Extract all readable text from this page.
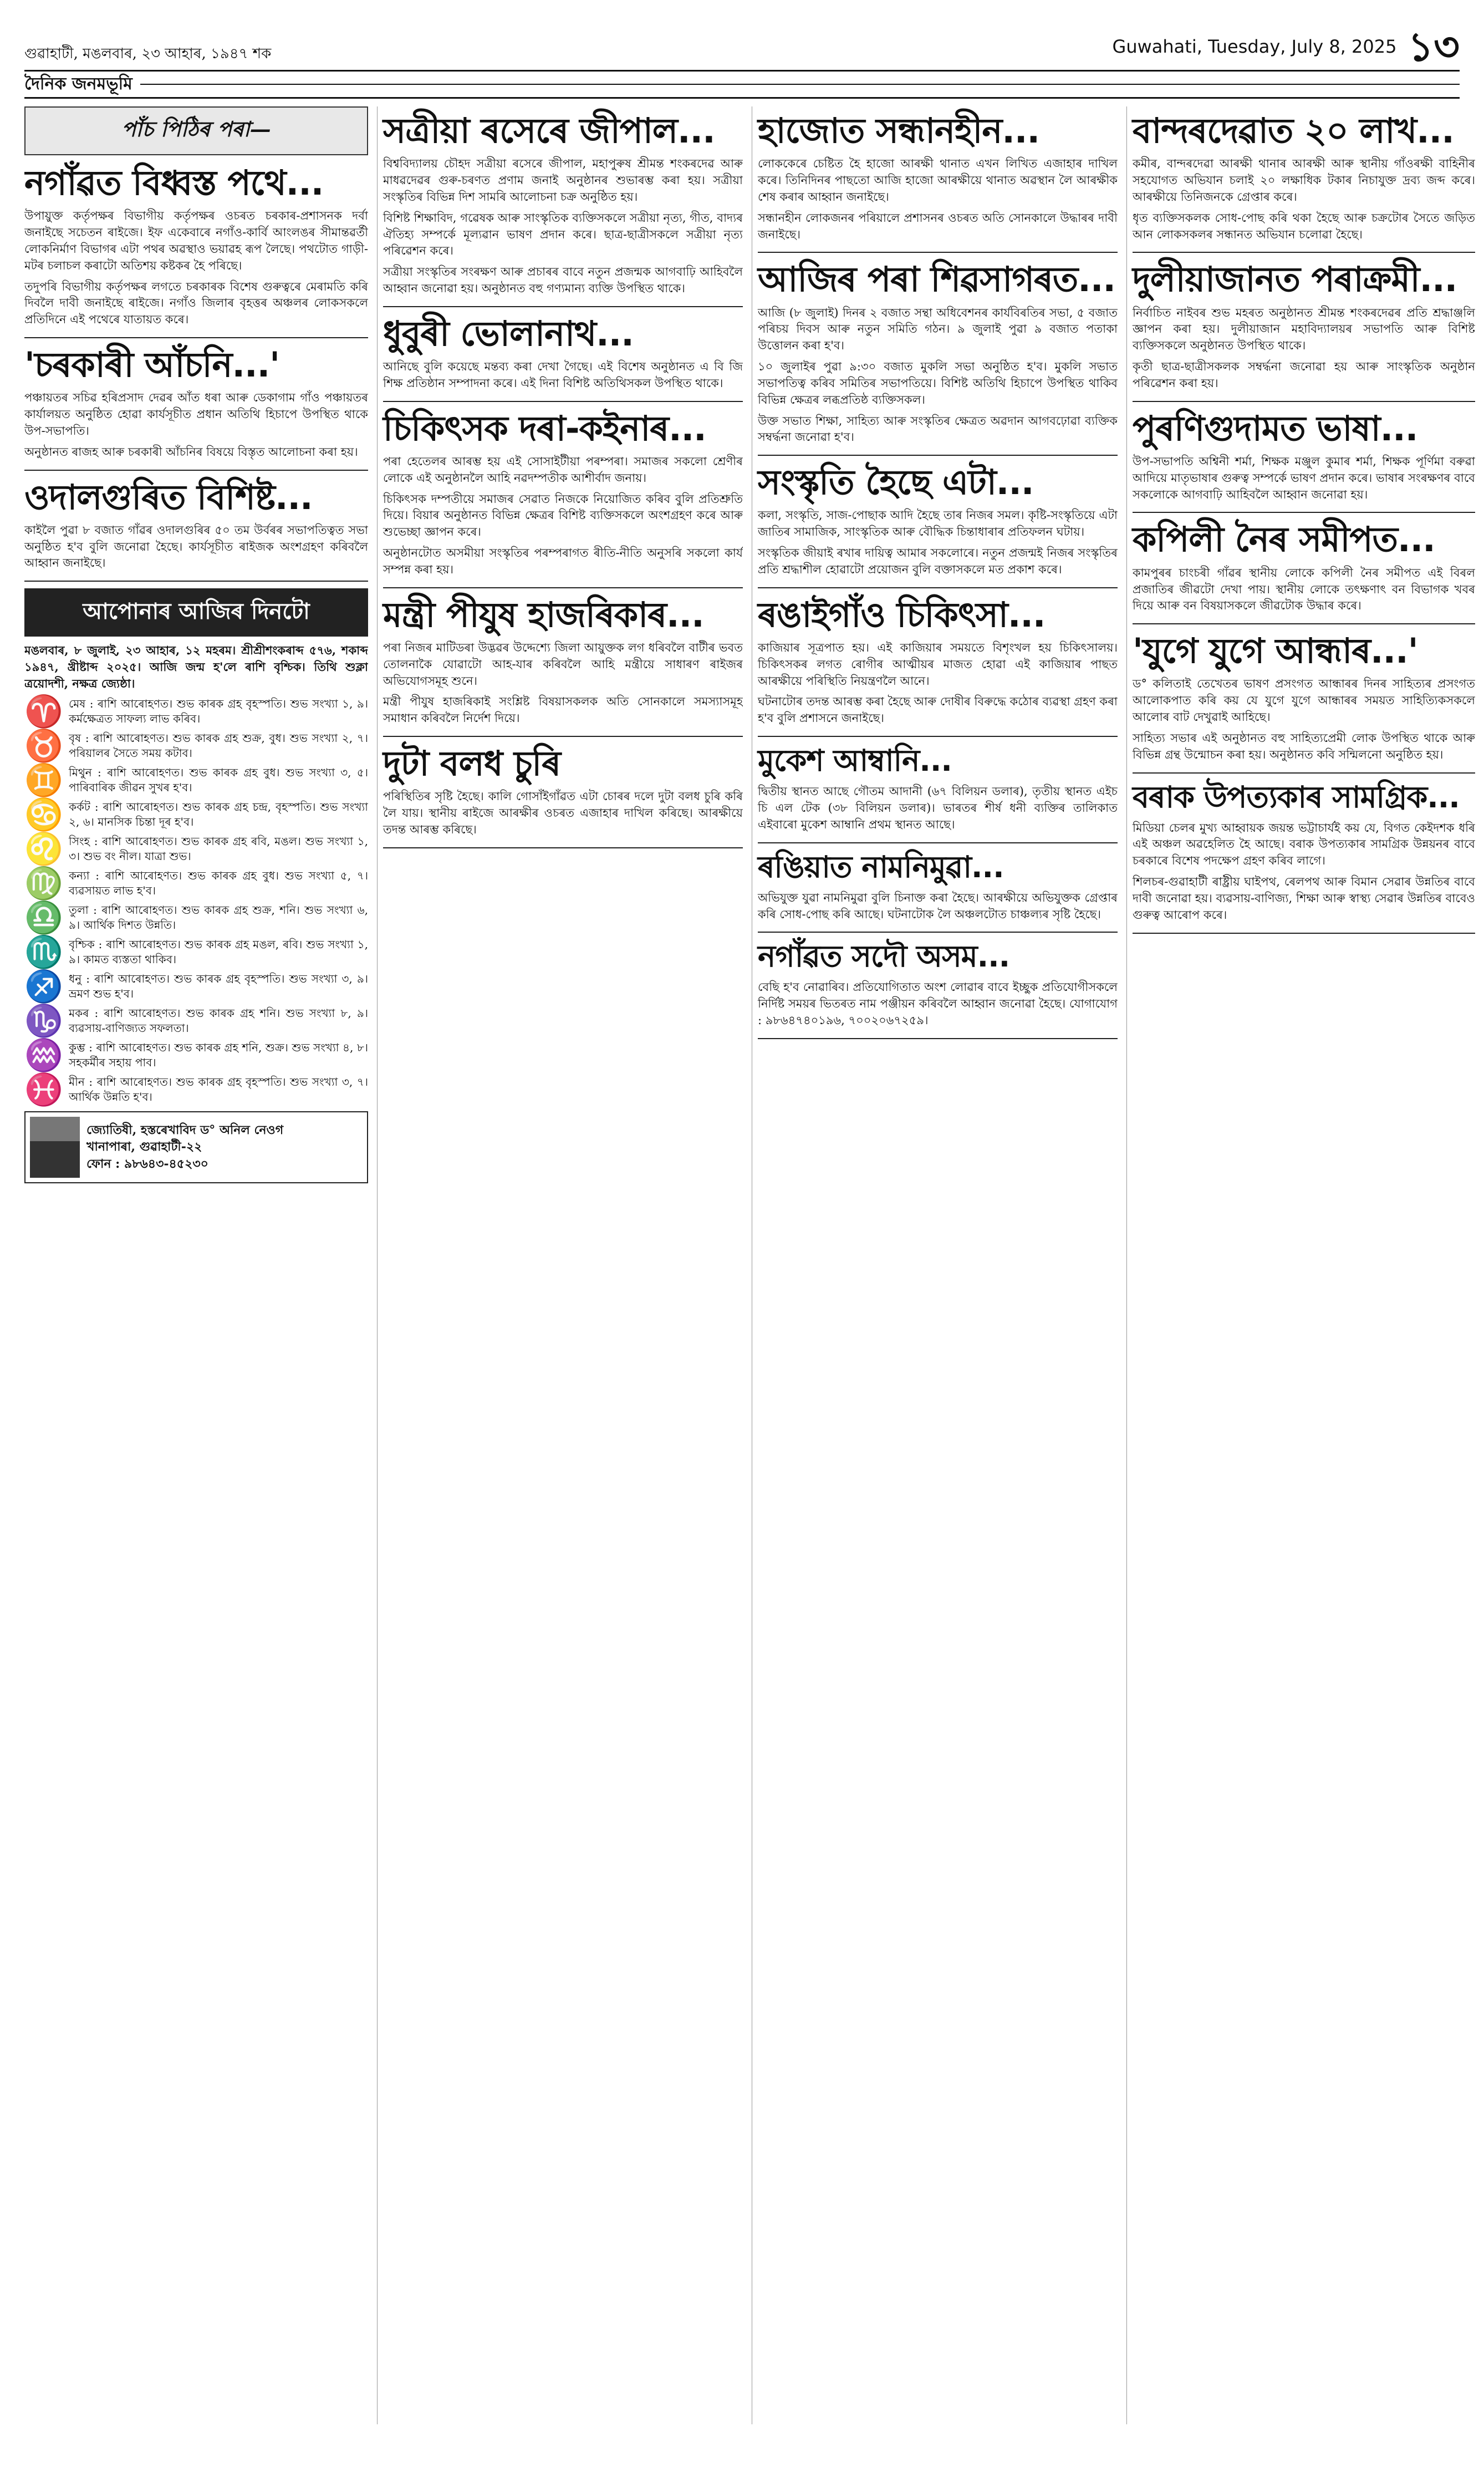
গুৱাহাটী, মঙলবাৰ, ২৩ আহাৰ, ১৯৪৭ শক	Guwahati, Tuesday, July 8, 2025 ১৩
দৈনিক জনমভূমি
পাঁচ পিঠিৰ পৰা—
নগাঁৱত বিধ্বস্ত পথে...

উপায়ুক্ত কৰ্তৃপক্ষৰ বিভাগীয় কৰ্তৃপক্ষৰ ওচৰত চৰকাৰ-প্ৰশাসনক দৰ্বা জনাইছে সচেতন ৰাইজে। ইফ একেবাৰে নগাঁও-কাৰ্বি আংলঙৰ সীমান্তৱৰ্তী লোকনিৰ্মাণ বিভাগৰ এটা পথৰ অৱস্থাও ভয়াৱহ ৰূপ লৈছে। পথটোত গাড়ী-মটৰ চলাচল কৰাটো অতিশয় কষ্টকৰ হৈ পৰিছে।

তদুপৰি বিভাগীয় কৰ্তৃপক্ষৰ লগতে চৰকাৰক বিশেষ গুৰুত্বৰে মেৰামতি কৰি দিবলৈ দাবী জনাইছে ৰাইজে। নগাঁও জিলাৰ বৃহত্তৰ অঞ্চলৰ লোকসকলে প্ৰতিদিনে এই পথেৰে যাতায়ত কৰে।

'চৰকাৰী আঁচনি...'

পঞ্চায়তৰ সচিৱ হৰিপ্ৰসাদ দেৱৰ আঁত ধৰা আৰু ডেকাগাম গাঁও পঞ্চায়তৰ কাৰ্যালয়ত অনুষ্ঠিত হোৱা কাৰ্যসূচীত প্ৰধান অতিথি হিচাপে উপস্থিত থাকে উপ-সভাপতি।

অনুষ্ঠানত ৰাজহ আৰু চৰকাৰী আঁচনিৰ বিষয়ে বিস্তৃত আলোচনা কৰা হয়।

ওদালগুৰিত বিশিষ্ট...

কাইলৈ পুৱা ৮ বজাত গাঁৱৰ ওদালগুৰিৰ ৫০ তম উৰ্বৰৰ সভাপতিত্বত সভা অনুষ্ঠিত হ'ব বুলি জনোৱা হৈছে। কাৰ্যসূচীত ৰাইজক অংশগ্ৰহণ কৰিবলৈ আহ্বান জনাইছে।

আপোনাৰ আজিৰ দিনটো

মঙলবাৰ, ৮ জুলাই, ২৩ আহাৰ, ১২ মহৰম। শ্ৰীশ্ৰীশংকৰাব্দ ৫৭৬, শকাব্দ ১৯৪৭, খ্ৰীষ্টাব্দ ২০২৫। আজি জন্ম হ'লে ৰাশি বৃশ্চিক। তিথি শুক্লা ত্ৰয়োদশী, নক্ষত্ৰ জ্যেষ্ঠা।

♈ মেষ : ৰাশি আৰোহণত। শুভ কাৰক গ্ৰহ বৃহস্পতি। শুভ সংখ্যা ১, ৯। কৰ্মক্ষেত্ৰত সাফল্য লাভ কৰিব।

♉ বৃষ : ৰাশি আৰোহণত। শুভ কাৰক গ্ৰহ শুক্ৰ, বুধ। শুভ সংখ্যা ২, ৭। পৰিয়ালৰ সৈতে সময় কটাব।

♊ মিথুন : ৰাশি আৰোহণত। শুভ কাৰক গ্ৰহ বুধ। শুভ সংখ্যা ৩, ৫। পাৰিবাৰিক জীৱন সুখৰ হ'ব।

♋ কৰ্কট : ৰাশি আৰোহণত। শুভ কাৰক গ্ৰহ চন্দ্ৰ, বৃহস্পতি। শুভ সংখ্যা ২, ৬। মানসিক চিন্তা দূৰ হ'ব।

♌ সিংহ : ৰাশি আৰোহণত। শুভ কাৰক গ্ৰহ ৰবি, মঙল। শুভ সংখ্যা ১, ৩। শুভ বং নীল। যাত্ৰা শুভ।

♍ কন্যা : ৰাশি আৰোহণত। শুভ কাৰক গ্ৰহ বুধ। শুভ সংখ্যা ৫, ৭। ব্যৱসায়ত লাভ হ'ব।

♎ তুলা : ৰাশি আৰোহণত। শুভ কাৰক গ্ৰহ শুক্ৰ, শনি। শুভ সংখ্যা ৬, ৯। আৰ্থিক দিশত উন্নতি।

♏ বৃশ্চিক : ৰাশি আৰোহণত। শুভ কাৰক গ্ৰহ মঙল, ৰবি। শুভ সংখ্যা ১, ৯। কামত ব্যস্ততা থাকিব।

♐ ধনু : ৰাশি আৰোহণত। শুভ কাৰক গ্ৰহ বৃহস্পতি। শুভ সংখ্যা ৩, ৯। ভ্ৰমণ শুভ হ'ব।

♑ মকৰ : ৰাশি আৰোহণত। শুভ কাৰক গ্ৰহ শনি। শুভ সংখ্যা ৮, ৯। ব্যৱসায়-বাণিজ্যত সফলতা।

♒ কুম্ভ : ৰাশি আৰোহণত। শুভ কাৰক গ্ৰহ শনি, শুক্ৰ। শুভ সংখ্যা ৪, ৮। সহকৰ্মীৰ সহায় পাব।

♓ মীন : ৰাশি আৰোহণত। শুভ কাৰক গ্ৰহ বৃহস্পতি। শুভ সংখ্যা ৩, ৭। আৰ্থিক উন্নতি হ'ব।

জ্যোতিষী, হস্তৰেখাবিদ ড° অনিল নেওগ
খানাপাৰা, গুৱাহাটী-২২
ফোন : ৯৮৬৪৩-৪৫২৩০

সত্ৰীয়া ৰসেৰে জীপাল...

বিশ্ববিদ্যালয় চৌহদ সত্ৰীয়া ৰসেৰে জীপাল, মহাপুৰুষ শ্ৰীমন্ত শংকৰদেৱ আৰু মাধৱদেৱৰ গুৰু-চৰণত প্ৰণাম জনাই অনুষ্ঠানৰ শুভাৰম্ভ কৰা হয়। সত্ৰীয়া সংস্কৃতিৰ বিভিন্ন দিশ সামৰি আলোচনা চক্ৰ অনুষ্ঠিত হয়।

বিশিষ্ট শিক্ষাবিদ, গৱেষক আৰু সাংস্কৃতিক ব্যক্তিসকলে সত্ৰীয়া নৃত্য, গীত, বাদ্যৰ ঐতিহ্য সম্পৰ্কে মূল্যৱান ভাষণ প্ৰদান কৰে। ছাত্ৰ-ছাত্ৰীসকলে সত্ৰীয়া নৃত্য পৰিৱেশন কৰে।

সত্ৰীয়া সংস্কৃতিৰ সংৰক্ষণ আৰু প্ৰচাৰৰ বাবে নতুন প্ৰজন্মক আগবাঢ়ি আহিবলৈ আহ্বান জনোৱা হয়। অনুষ্ঠানত বহু গণ্যমান্য ব্যক্তি উপস্থিত থাকে।

ধুবুৰী ভোলানাথ...

আনিছে বুলি কয়েছে মন্তব্য কৰা দেখা গৈছে। এই বিশেষ অনুষ্ঠানত এ বি জি শিক্ষ প্ৰতিষ্ঠান সম্পাদনা কৰে। এই দিনা বিশিষ্ট অতিথিসকল উপস্থিত থাকে।

চিকিৎসক দৰা-কইনাৰ...

পৰা হেতেলৰ আৰম্ভ হয় এই সোসাইটীয়া পৰম্পৰা। সমাজৰ সকলো শ্ৰেণীৰ লোকে এই অনুষ্ঠানলৈ আহি নৱদম্পতীক আশীৰ্বাদ জনায়।

চিকিৎসক দম্পতীয়ে সমাজৰ সেৱাত নিজকে নিয়োজিত কৰিব বুলি প্ৰতিশ্ৰুতি দিয়ে। বিয়াৰ অনুষ্ঠানত বিভিন্ন ক্ষেত্ৰৰ বিশিষ্ট ব্যক্তিসকলে অংশগ্ৰহণ কৰে আৰু শুভেচ্ছা জ্ঞাপন কৰে।

অনুষ্ঠানটোত অসমীয়া সংস্কৃতিৰ পৰম্পৰাগত ৰীতি-নীতি অনুসৰি সকলো কাৰ্য সম্পন্ন কৰা হয়।

মন্ত্ৰী পীযুষ হাজৰিকাৰ...

পৰা নিজৰ মাটিডৰা উদ্ভৱৰ উদ্দেশ্যে জিলা আয়ুক্তক লগ ধৰিবলৈ বাটীৰ ভবত তোলনাকৈ যোৱাটো আহ-যাৰ কৰিবলৈ আহি মন্ত্ৰীয়ে সাধাৰণ ৰাইজৰ অভিযোগসমূহ শুনে।

মন্ত্ৰী পীযুষ হাজৰিকাই সংশ্লিষ্ট বিষয়াসকলক অতি সোনকালে সমস্যাসমূহ সমাধান কৰিবলৈ নিৰ্দেশ দিয়ে।

দুটা বলধ চুৰি

পৰিস্থিতিৰ সৃষ্টি হৈছে। কালি গোসাঁইগাঁৱত এটা চোৰৰ দলে দুটা বলধ চুৰি কৰি লৈ যায়। স্থানীয় ৰাইজে আৰক্ষীৰ ওচৰত এজাহাৰ দাখিল কৰিছে। আৰক্ষীয়ে তদন্ত আৰম্ভ কৰিছে।

হাজোত সন্ধানহীন...

লোককেৰে চেষ্টিত হৈ হাজো আৰক্ষী থানাত এখন লিখিত এজাহাৰ দাখিল কৰে। তিনিদিনৰ পাছতো আজি হাজো আৰক্ষীয়ে থানাত অৱস্থান লৈ আৰক্ষীক শেষ কৰাৰ আহ্বান জনাইছে।

সন্ধানহীন লোকজনৰ পৰিয়ালে প্ৰশাসনৰ ওচৰত অতি সোনকালে উদ্ধাৰৰ দাবী জনাইছে।

আজিৰ পৰা শিৱসাগৰত...

আজি (৮ জুলাই) দিনৰ ২ বজাত সন্থা অধিবেশনৰ কাৰ্যবিৰতিৰ সভা, ৫ বজাত পৰিচয় দিবস আৰু নতুন সমিতি গঠন। ৯ জুলাই পুৱা ৯ বজাত পতাকা উত্তোলন কৰা হ'ব।

১০ জুলাইৰ পুৱা ৯:৩০ বজাত মুকলি সভা অনুষ্ঠিত হ'ব। মুকলি সভাত সভাপতিত্ব কৰিব সমিতিৰ সভাপতিয়ে। বিশিষ্ট অতিথি হিচাপে উপস্থিত থাকিব বিভিন্ন ক্ষেত্ৰৰ লব্ধপ্ৰতিষ্ঠ ব্যক্তিসকল।

উক্ত সভাত শিক্ষা, সাহিত্য আৰু সংস্কৃতিৰ ক্ষেত্ৰত অৱদান আগবঢ়োৱা ব্যক্তিক সম্বৰ্দ্ধনা জনোৱা হ'ব।

সংস্কৃতি হৈছে এটা...

কলা, সংস্কৃতি, সাজ-পোছাক আদি হৈছে তাৰ নিজৰ সমল। কৃষ্টি-সংস্কৃতিয়ে এটা জাতিৰ সামাজিক, সাংস্কৃতিক আৰু বৌদ্ধিক চিন্তাধাৰাৰ প্ৰতিফলন ঘটায়।

সংস্কৃতিক জীয়াই ৰখাৰ দায়িত্ব আমাৰ সকলোৰে। নতুন প্ৰজন্মই নিজৰ সংস্কৃতিৰ প্ৰতি শ্ৰদ্ধাশীল হোৱাটো প্ৰয়োজন বুলি বক্তাসকলে মত প্ৰকাশ কৰে।

ৰঙাইগাঁও চিকিৎসা...

কাজিয়াৰ সূত্ৰপাত হয়। এই কাজিয়াৰ সময়তে বিশৃংখল হয় চিকিৎসালয়। চিকিৎসকৰ লগত ৰোগীৰ আত্মীয়ৰ মাজত হোৱা এই কাজিয়াৰ পাছত আৰক্ষীয়ে পৰিস্থিতি নিয়ন্ত্ৰণলৈ আনে।

ঘটনাটোৰ তদন্ত আৰম্ভ কৰা হৈছে আৰু দোষীৰ বিৰুদ্ধে কঠোৰ ব্যৱস্থা গ্ৰহণ কৰা হ'ব বুলি প্ৰশাসনে জনাইছে।

মুকেশ আম্বানি...

দ্বিতীয় স্থানত আছে গৌতম আদানী (৬৭ বিলিয়ন ডলাৰ), তৃতীয় স্থানত এইচ চি এল টেক (৩৮ বিলিয়ন ডলাৰ)। ভাৰতৰ শীৰ্ষ ধনী ব্যক্তিৰ তালিকাত এইবাৰো মুকেশ আম্বানি প্ৰথম স্থানত আছে।

ৰঙিয়াত নামনিমুৱা...

অভিযুক্ত যুৱা নামনিমুৱা বুলি চিনাক্ত কৰা হৈছে। আৰক্ষীয়ে অভিযুক্তক গ্ৰেপ্তাৰ কৰি সোধ-পোছ কৰি আছে। ঘটনাটোক লৈ অঞ্চলটোত চাঞ্চল্যৰ সৃষ্টি হৈছে।

নগাঁৱত সদৌ অসম...

বেছি হ'ব নোৱাৰিব। প্ৰতিযোগিতাত অংশ লোৱাৰ বাবে ইচ্ছুক প্ৰতিযোগীসকলে নিৰ্দিষ্ট সময়ৰ ভিতৰত নাম পঞ্জীয়ন কৰিবলৈ আহ্বান জনোৱা হৈছে। যোগাযোগ : ৯৮৬৪৭৪০১৯৬, ৭০০২০৬৭২৫৯।

বান্দৰদেৱাত ২০ লাখ...

কমীৰ, বান্দৰদেৱা আৰক্ষী থানাৰ আৰক্ষী আৰু স্থানীয় গাঁওৰক্ষী বাহিনীৰ সহযোগত অভিযান চলাই ২০ লক্ষাধিক টকাৰ নিচাযুক্ত দ্ৰব্য জব্দ কৰে। আৰক্ষীয়ে তিনিজনকে গ্ৰেপ্তাৰ কৰে।

ধৃত ব্যক্তিসকলক সোধ-পোছ কৰি থকা হৈছে আৰু চক্ৰটোৰ সৈতে জড়িত আন লোকসকলৰ সন্ধানত অভিযান চলোৱা হৈছে।

দুলীয়াজানত পৰাক্ৰমী...

নিৰ্বাচিত নাইবৰ শুভ মহৰত অনুষ্ঠানত শ্ৰীমন্ত শংকৰদেৱৰ প্ৰতি শ্ৰদ্ধাঞ্জলি জ্ঞাপন কৰা হয়। দুলীয়াজান মহাবিদ্যালয়ৰ সভাপতি আৰু বিশিষ্ট ব্যক্তিসকলে অনুষ্ঠানত উপস্থিত থাকে।

কৃতী ছাত্ৰ-ছাত্ৰীসকলক সম্বৰ্দ্ধনা জনোৱা হয় আৰু সাংস্কৃতিক অনুষ্ঠান পৰিৱেশন কৰা হয়।

পুৰণিগুদামত ভাষা...

উপ-সভাপতি অশ্বিনী শৰ্মা, শিক্ষক মঞ্জুল কুমাৰ শৰ্মা, শিক্ষক পূৰ্ণিমা বৰুৱা আদিয়ে মাতৃভাষাৰ গুৰুত্ব সম্পৰ্কে ভাষণ প্ৰদান কৰে। ভাষাৰ সংৰক্ষণৰ বাবে সকলোকে আগবাঢ়ি আহিবলৈ আহ্বান জনোৱা হয়।

কপিলী নৈৰ সমীপত...

কামপুৰৰ চাংচৰী গাঁৱৰ স্থানীয় লোকে কপিলী নৈৰ সমীপত এই বিৰল প্ৰজাতিৰ জীৱটো দেখা পায়। স্থানীয় লোকে তৎক্ষণাৎ বন বিভাগক খবৰ দিয়ে আৰু বন বিষয়াসকলে জীৱটোক উদ্ধাৰ কৰে।

'যুগে যুগে আন্ধাৰ...'

ড° কলিতাই তেখেতৰ ভাষণ প্ৰসংগত আন্ধাৰৰ দিনৰ সাহিত্যৰ প্ৰসংগত আলোকপাত কৰি কয় যে যুগে যুগে আন্ধাৰৰ সময়ত সাহিত্যিকসকলে আলোৰ বাট দেখুৱাই আহিছে।

সাহিত্য সভাৰ এই অনুষ্ঠানত বহু সাহিত্যপ্ৰেমী লোক উপস্থিত থাকে আৰু বিভিন্ন গ্ৰন্থ উন্মোচন কৰা হয়। অনুষ্ঠানত কবি সন্মিলনো অনুষ্ঠিত হয়।

বৰাক উপত্যকাৰ সামগ্ৰিক...

মিডিয়া চেলৰ মুখ্য আহ্বায়ক জয়ন্ত ভট্টাচাৰ্যই কয় যে, বিগত কেইদশক ধৰি এই অঞ্চল অৱহেলিত হৈ আছে। বৰাক উপত্যকাৰ সামগ্ৰিক উন্নয়নৰ বাবে চৰকাৰে বিশেষ পদক্ষেপ গ্ৰহণ কৰিব লাগে।

শিলচৰ-গুৱাহাটী ৰাষ্ট্ৰীয় ঘাইপথ, ৰেলপথ আৰু বিমান সেৱাৰ উন্নতিৰ বাবে দাবী জনোৱা হয়। ব্যৱসায়-বাণিজ্য, শিক্ষা আৰু স্বাস্থ্য সেৱাৰ উন্নতিৰ বাবেও গুৰুত্ব আৰোপ কৰে।
